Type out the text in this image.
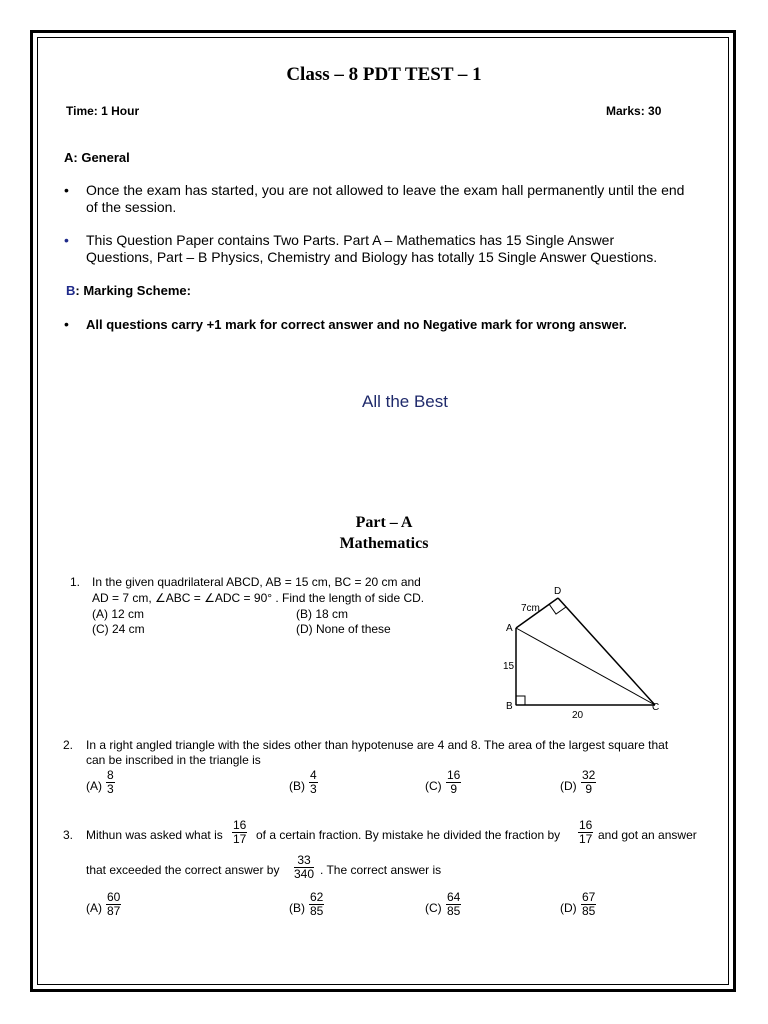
Class – 8 PDT TEST – 1
Time: 1 Hour	Marks: 30
A: General
• Once the exam has started, you are not allowed to leave the exam hall permanently until the end
of the session.
• This Question Paper contains Two Parts. Part A – Mathematics has 15 Single Answer
Questions, Part – B Physics, Chemistry and Biology has totally 15 Single Answer Questions.
B: Marking Scheme:
• All questions carry +1 mark for correct answer and no Negative mark for wrong answer.
All the Best
Part – A
Mathematics
1. In the given quadrilateral ABCD, AB = 15 cm, BC = 20 cm and
AD = 7 cm, ∠ABC = ∠ADC = 90° . Find the length of side CD.
(A) 12 cm	(B) 18 cm
(C) 24 cm	(D) None of these
D
A
B	C
7cm
15
20
2. In a right angled triangle with the sides other than hypotenuse are 4 and 8. The area of the largest square that
can be inscribed in the triangle is
$(A) \frac{8}{3}$	$(B) \frac{4}{3}$	$(C) \frac{16}{9}$	$(D) \frac{32}{9}$
3. Mithun was asked what is $\frac{16}{17}$ of a certain fraction. By mistake he divided the fraction by $\frac{16}{17}$ and got an answer
that exceeded the correct answer by $\frac{33}{340}$ . The correct answer is
$(A) \frac{60}{87}$	$(B) \frac{62}{85}$	$(C) \frac{64}{85}$	$(D) \frac{67}{85}$
